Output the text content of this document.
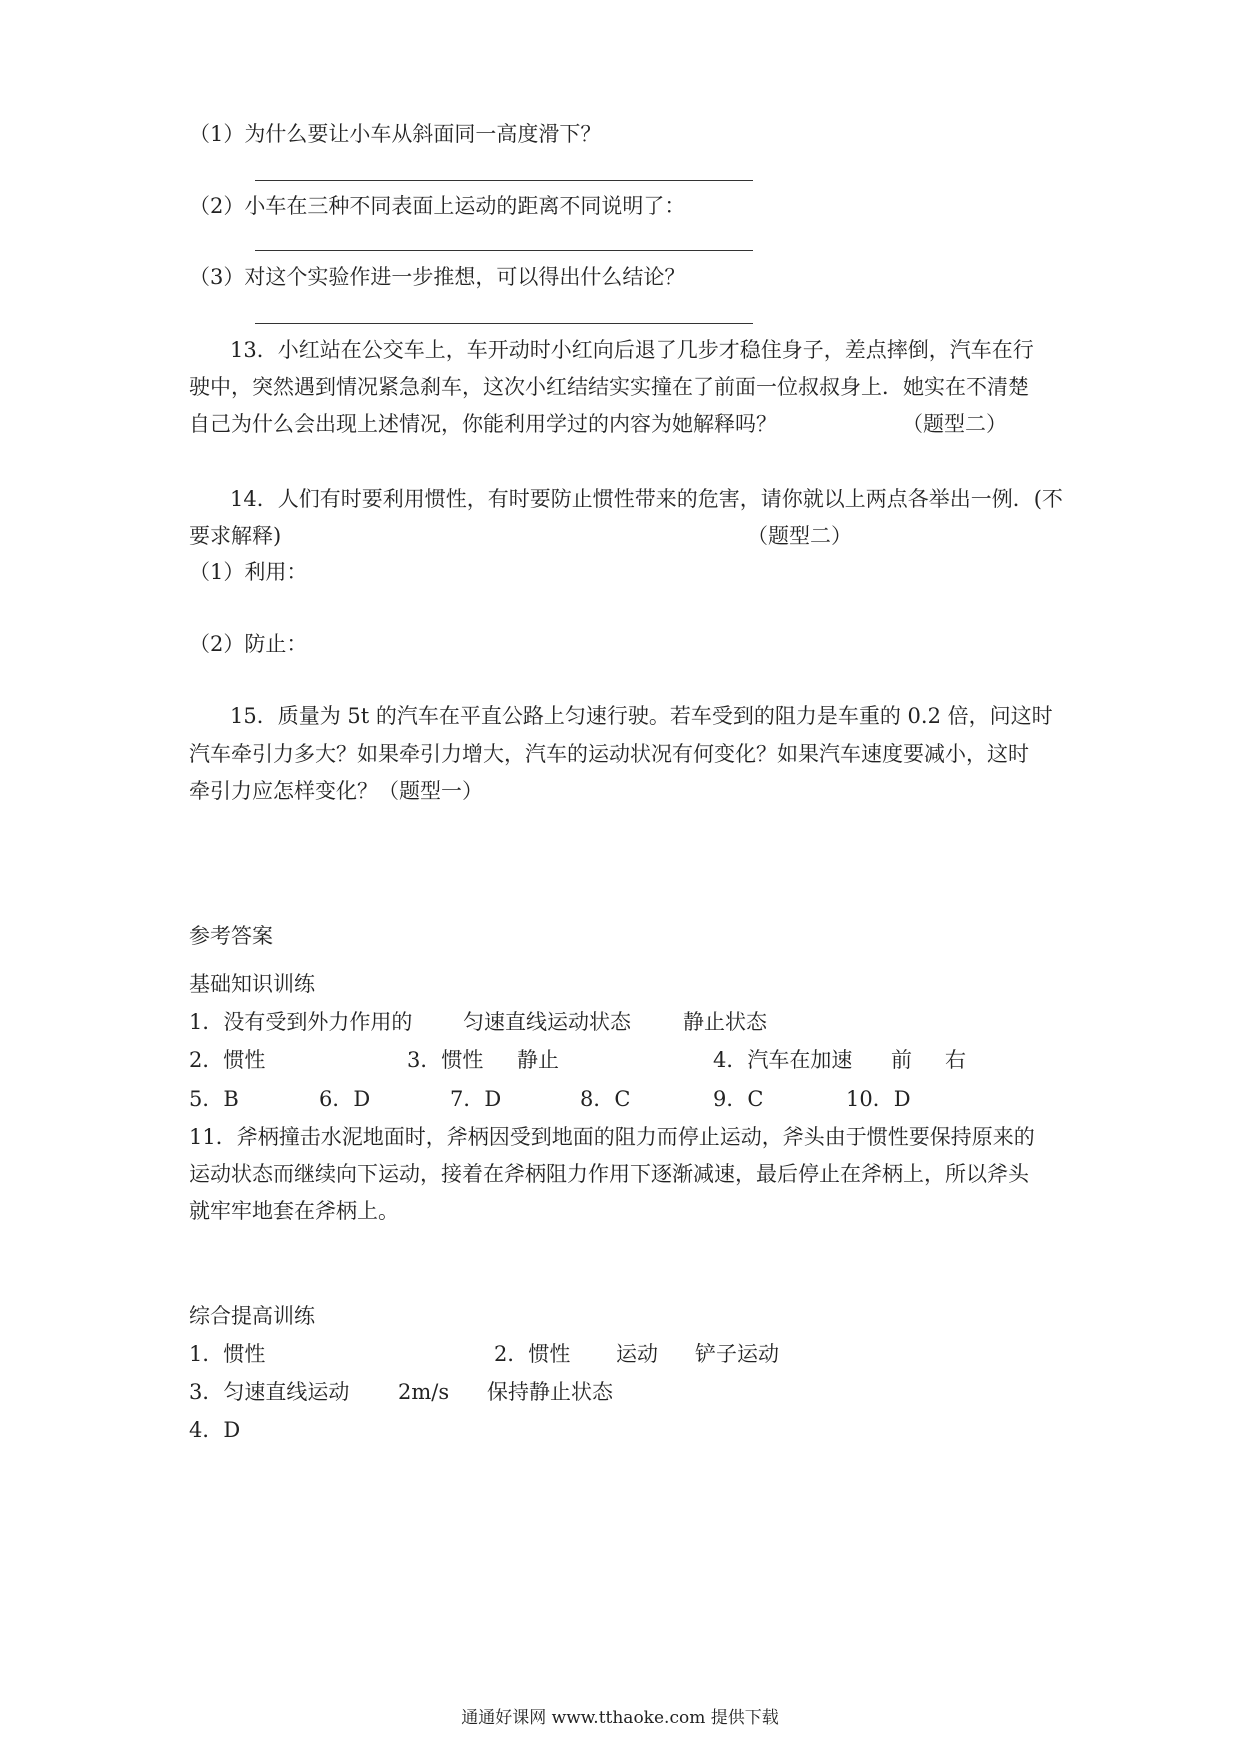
（1）为什么要让小车从斜面同一高度滑下？
（2）小车在三种不同表面上运动的距离不同说明了：
（3）对这个实验作进一步推想，可以得出什么结论？
13．小红站在公交车上，车开动时小红向后退了几步才稳住身子，差点摔倒，汽车在行
驶中，突然遇到情况紧急刹车，这次小红结结实实撞在了前面一位叔叔身上．她实在不清楚
自己为什么会出现上述情况，你能利用学过的内容为她解释吗？	（题型二）
14．人们有时要利用惯性，有时要防止惯性带来的危害，请你就以上两点各举出一例．(不
要求解释)	（题型二）
（1）利用：
（2）防止：
15．质量为 5t 的汽车在平直公路上匀速行驶。若车受到的阻力是车重的 0.2 倍，问这时
汽车牵引力多大？如果牵引力增大，汽车的运动状况有何变化？如果汽车速度要减小，这时
牵引力应怎样变化？（题型一）
参考答案
基础知识训练
1．没有受到外力作用的 匀速直线运动状态 静止状态
2．惯性	3．惯性 静止	4．汽车在加速 前 右
5．B	6．D	7．D	8．C	9．C	10．D
11．斧柄撞击水泥地面时，斧柄因受到地面的阻力而停止运动，斧头由于惯性要保持原来的
运动状态而继续向下运动，接着在斧柄阻力作用下逐渐减速，最后停止在斧柄上，所以斧头
就牢牢地套在斧柄上。
综合提高训练
1．惯性	2．惯性 运动 铲子运动
3．匀速直线运动 2m/s 保持静止状态
4．D
通通好课网 www.tthaoke.com 提供下载
